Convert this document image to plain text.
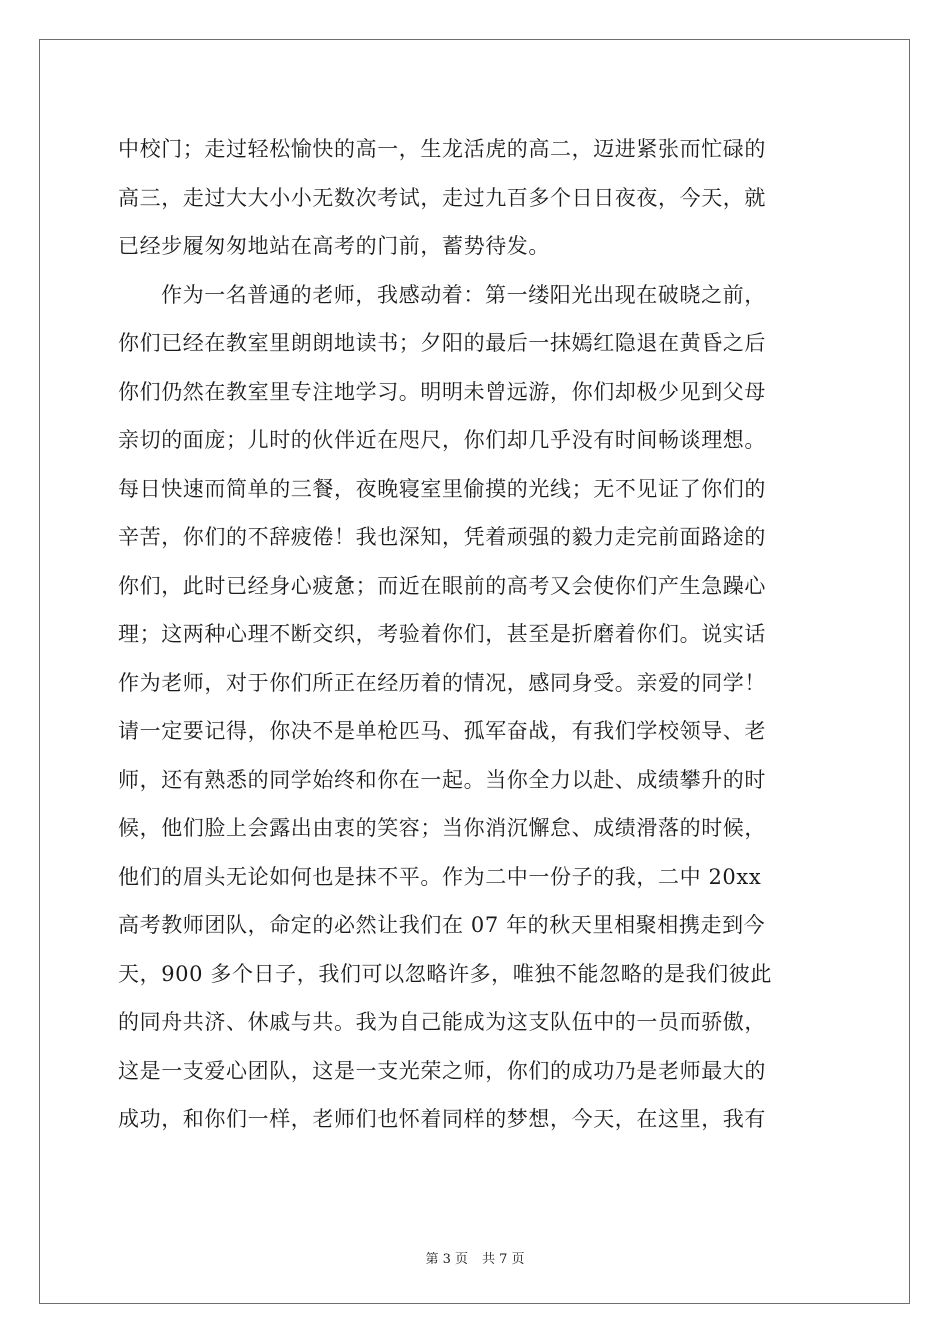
中校门；走过轻松愉快的高一，生龙活虎的高二，迈进紧张而忙碌的
高三，走过大大小小无数次考试，走过九百多个日日夜夜，今天，就
已经步履匆匆地站在高考的门前，蓄势待发。
作为一名普通的老师，我感动着：第一缕阳光出现在破晓之前，
你们已经在教室里朗朗地读书；夕阳的最后一抹嫣红隐退在黄昏之后
你们仍然在教室里专注地学习。明明未曾远游，你们却极少见到父母
亲切的面庞；儿时的伙伴近在咫尺，你们却几乎没有时间畅谈理想。
每日快速而简单的三餐，夜晚寝室里偷摸的光线；无不见证了你们的
辛苦，你们的不辞疲倦！我也深知，凭着顽强的毅力走完前面路途的
你们，此时已经身心疲惫；而近在眼前的高考又会使你们产生急躁心
理；这两种心理不断交织，考验着你们，甚至是折磨着你们。说实话
作为老师，对于你们所正在经历着的情况，感同身受。亲爱的同学！
请一定要记得，你决不是单枪匹马、孤军奋战，有我们学校领导、老
师，还有熟悉的同学始终和你在一起。当你全力以赴、成绩攀升的时
候，他们脸上会露出由衷的笑容；当你消沉懈怠、成绩滑落的时候，
他们的眉头无论如何也是抹不平。作为二中一份子的我，二中 20xx
高考教师团队，命定的必然让我们在 07 年的秋天里相聚相携走到今
天，900 多个日子，我们可以忽略许多，唯独不能忽略的是我们彼此
的同舟共济、休戚与共。我为自己能成为这支队伍中的一员而骄傲，
这是一支爱心团队，这是一支光荣之师，你们的成功乃是老师最大的
成功，和你们一样，老师们也怀着同样的梦想，今天，在这里，我有
第 3 页 共 7 页
